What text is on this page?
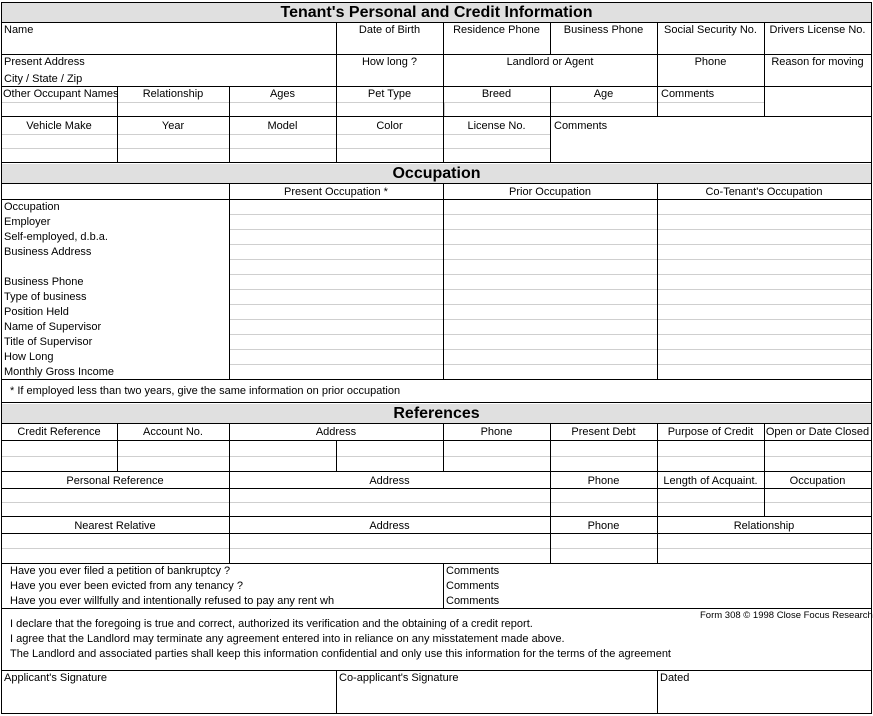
Tenant's Personal and Credit Information
Name	Date of Birth	Residence Phone	Business Phone	Social Security No.	Drivers License No.
Present Address
City / State / Zip
How long ?	Landlord or Agent	Phone	Reason for moving
Other Occupant Names	Relationship	Ages	Pet Type	Breed	Age	Comments
Vehicle Make	Year	Model	Color	License No.	Comments
Occupation
Present Occupation *	Prior Occupation	Co-Tenant's Occupation
Occupation
Employer
Self-employed, d.b.a.
Business Address
Business Phone
Type of business
Position Held
Name of Supervisor
Title of Supervisor
How Long
Monthly Gross Income
* If employed less than two years, give the same information on prior occupation
References
Credit Reference	Account No.	Address	Phone	Present Debt	Purpose of Credit	Open or Date Closed
Personal Reference	Address	Phone	Length of Acquaint.	Occupation
Nearest Relative	Address	Phone	Relationship
Have you ever filed a petition of bankruptcy ?	Comments
Have you ever been evicted from any tenancy ?	Comments
Have you ever willfully and intentionally refused to pay any rent wh	Comments
Form 308 © 1998 Close Focus Research
I declare that the foregoing is true and correct, authorized its verification and the obtaining of a credit report.
I agree that the Landlord may terminate any agreement entered into in reliance on any misstatement made above.
The Landlord and associated parties shall keep this information confidential and only use this information for the terms of the agreement
Applicant's Signature	Co-applicant's Signature	Dated
